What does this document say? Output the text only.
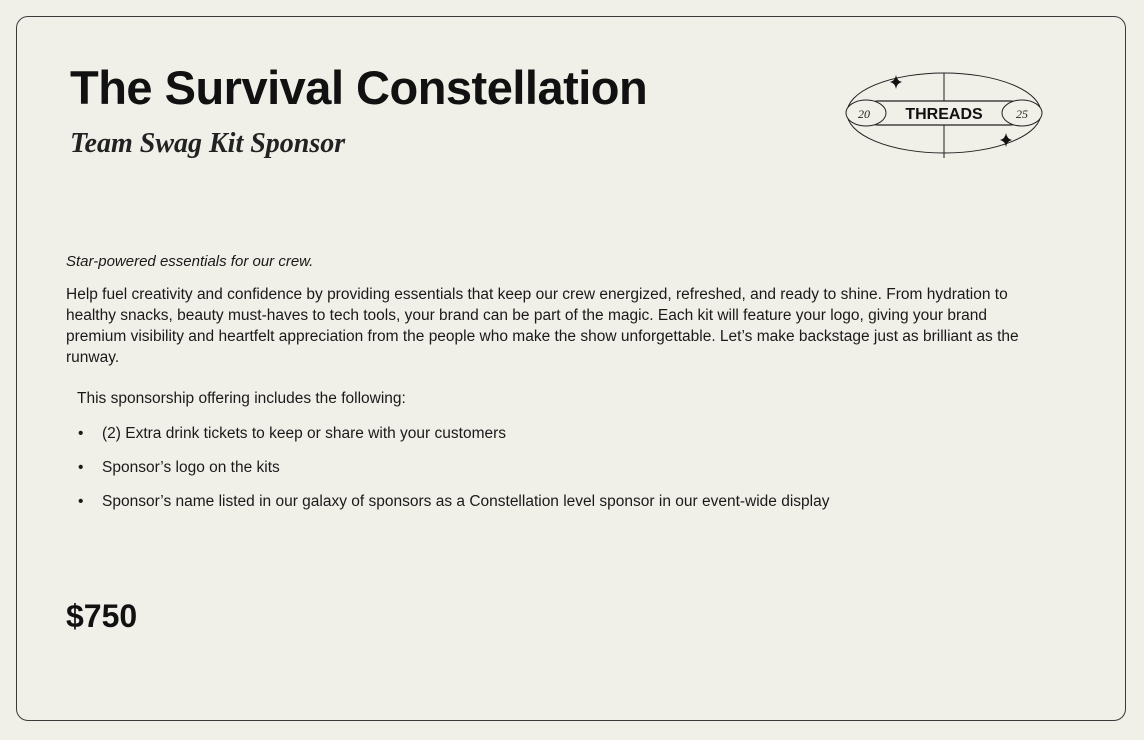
The Survival Constellation
Team Swag Kit Sponsor
20	25
THREADS

Star-powered essentials for our crew.

Help fuel creativity and confidence by providing essentials that keep our crew energized, refreshed, and ready to shine. From hydration to healthy snacks, beauty must-haves to tech tools, your brand can be part of the magic. Each kit will feature your logo, giving your brand premium visibility and heartfelt appreciation from the people who make the show unforgettable. Let’s make backstage just as brilliant as the runway.

This sponsorship offering includes the following:

• (2) Extra drink tickets to keep or share with your customers
• Sponsor’s logo on the kits
• Sponsor’s name listed in our galaxy of sponsors as a Constellation level sponsor in our event-wide display

$750
